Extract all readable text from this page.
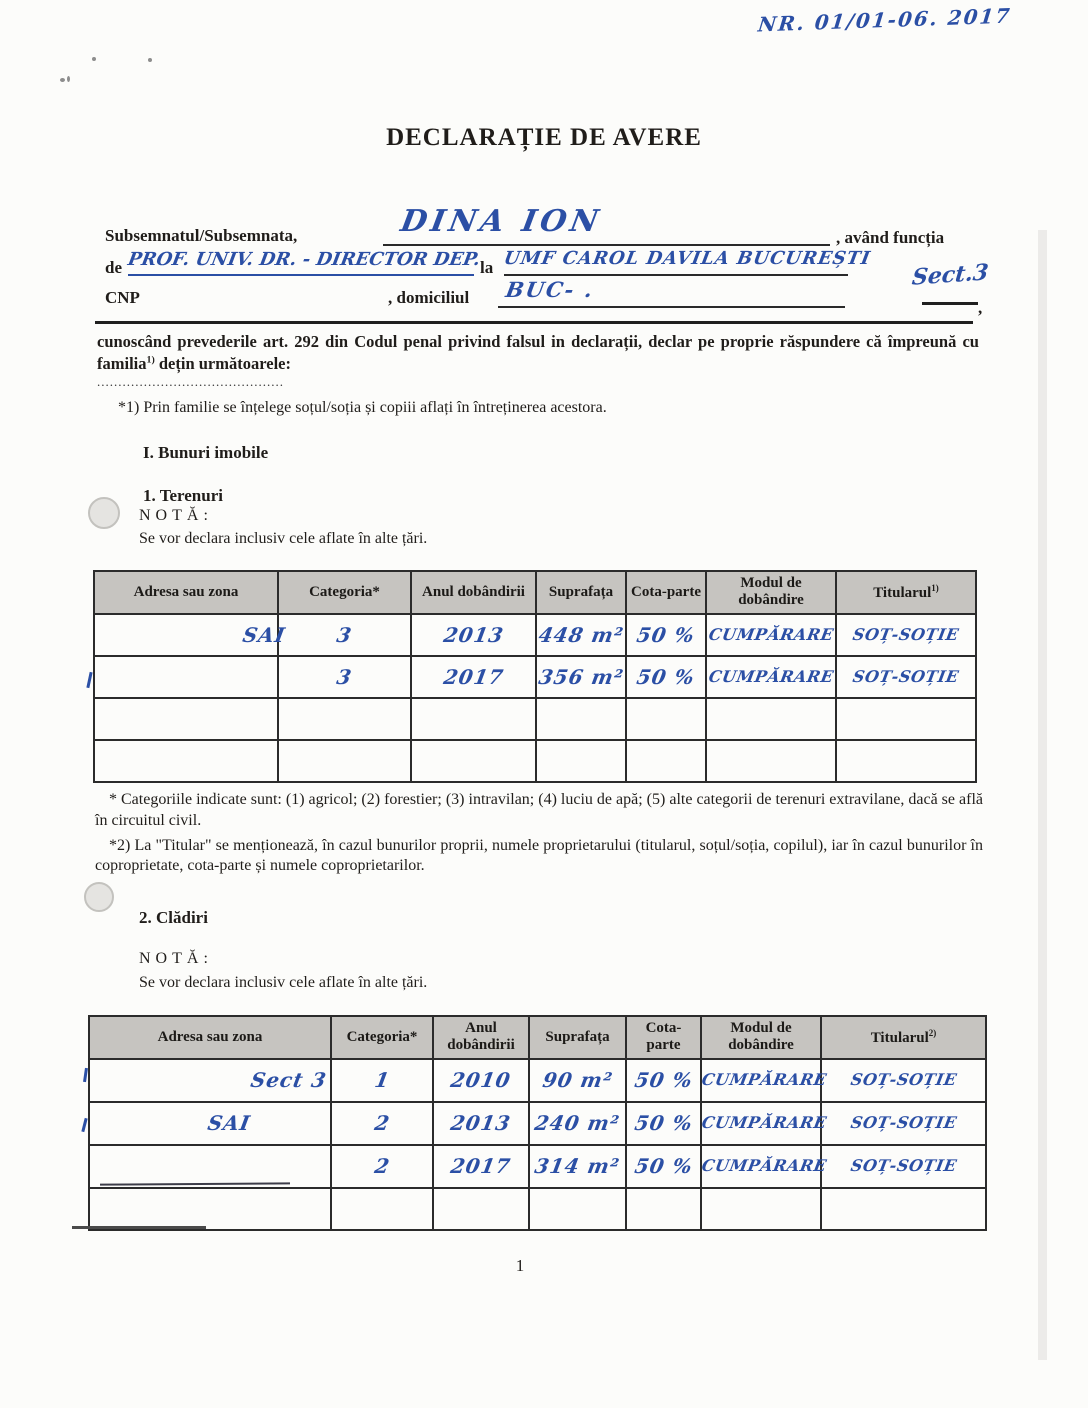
NR. 01/01-06. 2017
DECLARAȚIE DE AVERE
Subsemnatul/Subsemnata,	DINA ION	, având funcția
de PROF. UNIV. DR. - DIRECTOR DEP.
la UMF CAROL DAVILA BUCUREȘTI
CNP	, domiciliul BUC- .	Sect.3
,
cunoscând prevederile art. 292 din Codul penal privind falsul in declarații, declar pe proprie răspundere că împreună cu familia$^{1)}$ dețin următoarele:
............................................
*1) Prin familie se înțelege soțul/soția și copiii aflați în întreținerea acestora.
I. Bunuri imobile
1. Terenuri
NOTĂ:
Se vor declara inclusiv cele aflate în alte țări.
Adresa sau zona	Categoria*	Anul dobândirii	Suprafața	Cota-parte	Modul de dobândire	Titularul$^{1)}$
SAI	3	2013	448 m²	50 %	CUMPĂRARE	SOȚ-SOȚIE
	3	2017	356 m²	50 %	CUMPĂRARE	SOȚ-SOȚIE

* Categoriile indicate sunt: (1) agricol; (2) forestier; (3) intravilan; (4) luciu de apă; (5) alte categorii de terenuri extravilane, dacă se află în circuitul civil.

*2) La "Titular" se menționează, în cazul bunurilor proprii, numele proprietarului (titularul, soțul/soția, copilul), iar în cazul bunurilor în coproprietate, cota-parte și numele coproprietarilor.

2. Clădiri
NOTĂ:
Se vor declara inclusiv cele aflate în alte țări.
Adresa sau zona	Categoria*	Anul dobândirii	Suprafața	Cota-parte	Modul de dobândire	Titularul$^{2)}$
Sect 3	1	2010	90 m²	50 %	CUMPĂRARE	SOȚ-SOȚIE
SAI	2	2013	240 m²	50 %	CUMPĂRARE	SOȚ-SOȚIE
	2	2017	314 m²	50 %	CUMPĂRARE	SOȚ-SOȚIE

1
